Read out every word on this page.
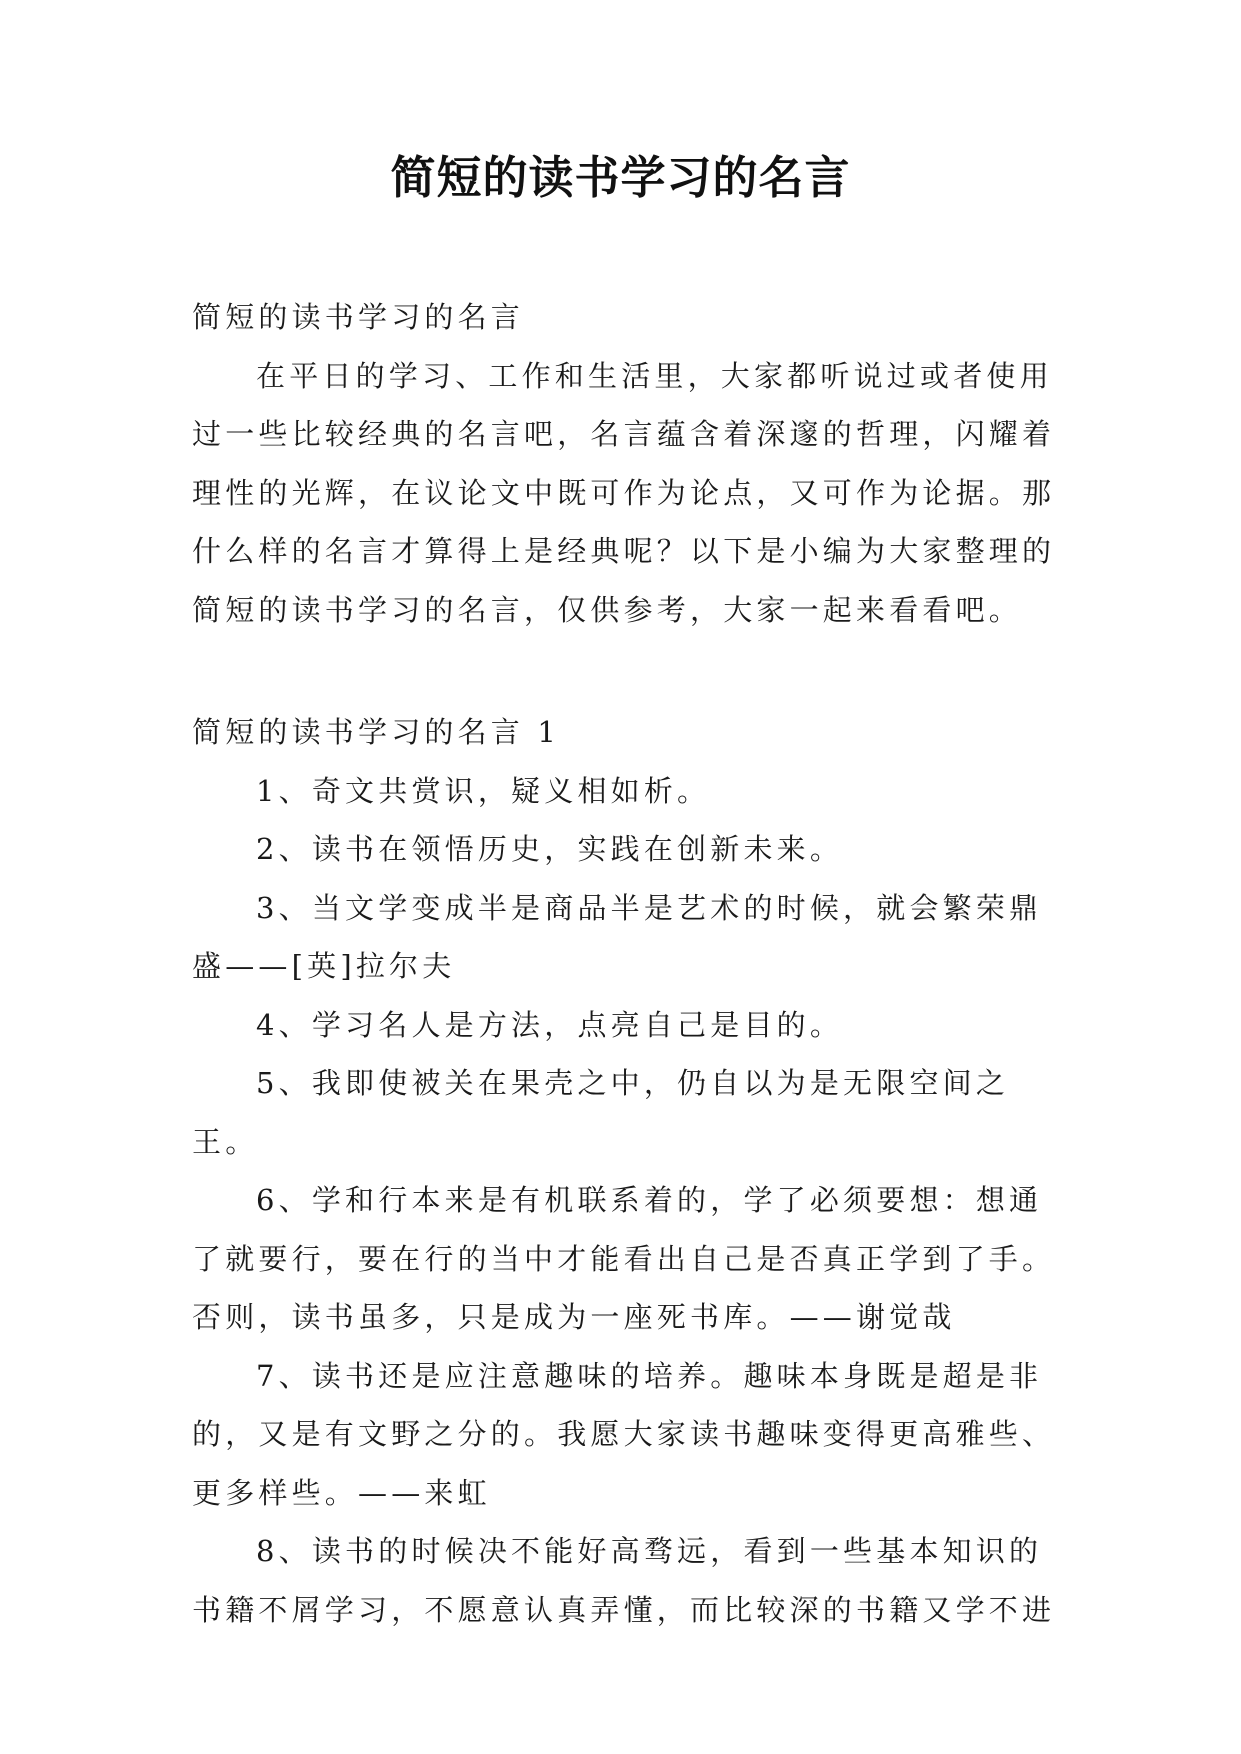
简短的读书学习的名言

简短的读书学习的名言

在平日的学习、工作和生活里，大家都听说过或者使用过一些比较经典的名言吧，名言蕴含着深邃的哲理，闪耀着理性的光辉，在议论文中既可作为论点，又可作为论据。那什么样的名言才算得上是经典呢？以下是小编为大家整理的简短的读书学习的名言，仅供参考，大家一起来看看吧。

简短的读书学习的名言 1

1、奇文共赏识，疑义相如析。

2、读书在领悟历史，实践在创新未来。

3、当文学变成半是商品半是艺术的时候，就会繁荣鼎盛——[英]拉尔夫

4、学习名人是方法，点亮自己是目的。

5、我即使被关在果壳之中，仍自以为是无限空间之王。

6、学和行本来是有机联系着的，学了必须要想：想通了就要行，要在行的当中才能看出自己是否真正学到了手。否则，读书虽多，只是成为一座死书库。——谢觉哉

7、读书还是应注意趣味的培养。趣味本身既是超是非的，又是有文野之分的。我愿大家读书趣味变得更高雅些、更多样些。——来虹

8、读书的时候决不能好高骛远，看到一些基本知识的书籍不屑学习，不愿意认真弄懂，而比较深的书籍又学不进
